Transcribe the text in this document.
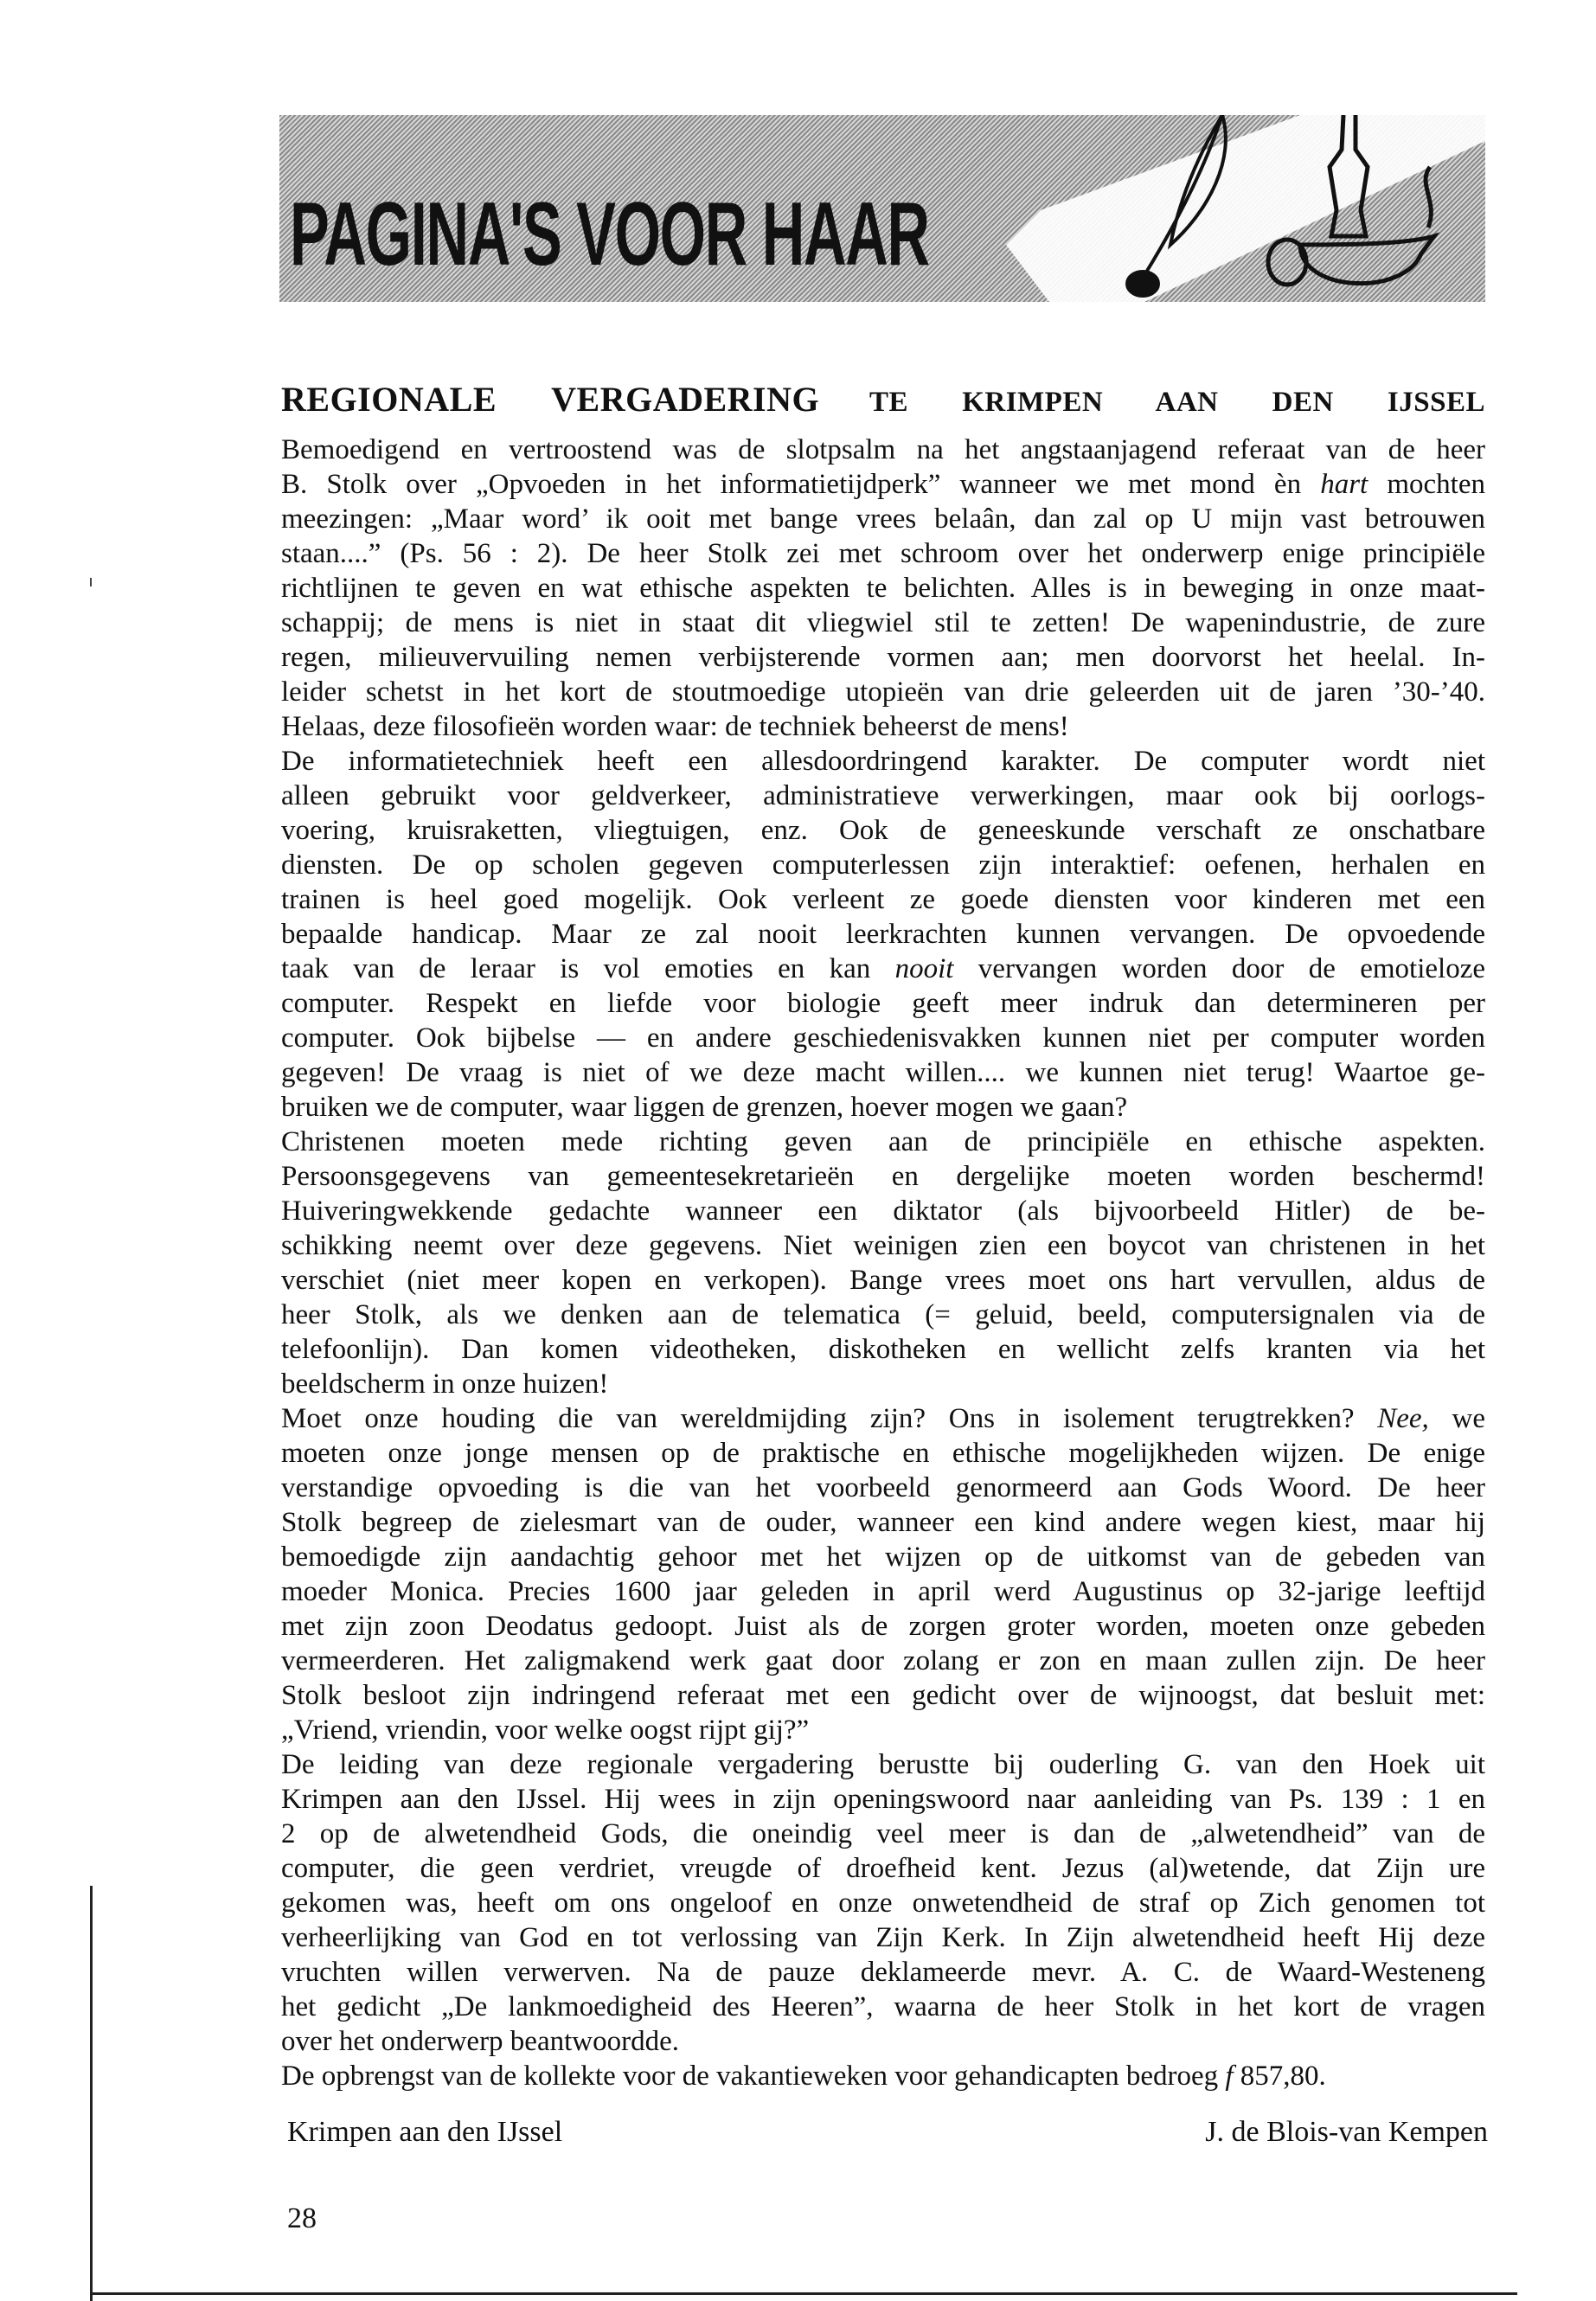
PAGINA'S VOOR HAAR
REGIONALE VERGADERING TE KRIMPEN AAN DEN IJSSEL
Bemoedigend en vertroostend was de slotpsalm na het angstaanjagend referaat van de heer
B. Stolk over „Opvoeden in het informatietijdperk” wanneer we met mond èn hart mochten
meezingen: „Maar word’ ik ooit met bange vrees belaân, dan zal op U mijn vast betrouwen
staan....” (Ps. 56 : 2). De heer Stolk zei met schroom over het onderwerp enige principiële
richtlijnen te geven en wat ethische aspekten te belichten. Alles is in beweging in onze maat-
schappij; de mens is niet in staat dit vliegwiel stil te zetten! De wapenindustrie, de zure
regen, milieuvervuiling nemen verbijsterende vormen aan; men doorvorst het heelal. In-
leider schetst in het kort de stoutmoedige utopieën van drie geleerden uit de jaren ’30-’40.
Helaas, deze filosofieën worden waar: de techniek beheerst de mens!
De informatietechniek heeft een allesdoordringend karakter. De computer wordt niet
alleen gebruikt voor geldverkeer, administratieve verwerkingen, maar ook bij oorlogs-
voering, kruisraketten, vliegtuigen, enz. Ook de geneeskunde verschaft ze onschatbare
diensten. De op scholen gegeven computerlessen zijn interaktief: oefenen, herhalen en
trainen is heel goed mogelijk. Ook verleent ze goede diensten voor kinderen met een
bepaalde handicap. Maar ze zal nooit leerkrachten kunnen vervangen. De opvoedende
taak van de leraar is vol emoties en kan nooit vervangen worden door de emotieloze
computer. Respekt en liefde voor biologie geeft meer indruk dan determineren per
computer. Ook bijbelse — en andere geschiedenisvakken kunnen niet per computer worden
gegeven! De vraag is niet of we deze macht willen.... we kunnen niet terug! Waartoe ge-
bruiken we de computer, waar liggen de grenzen, hoever mogen we gaan?
Christenen moeten mede richting geven aan de principiële en ethische aspekten.
Persoonsgegevens van gemeentesekretarieën en dergelijke moeten worden beschermd!
Huiveringwekkende gedachte wanneer een diktator (als bijvoorbeeld Hitler) de be-
schikking neemt over deze gegevens. Niet weinigen zien een boycot van christenen in het
verschiet (niet meer kopen en verkopen). Bange vrees moet ons hart vervullen, aldus de
heer Stolk, als we denken aan de telematica (= geluid, beeld, computersignalen via de
telefoonlijn). Dan komen videotheken, diskotheken en wellicht zelfs kranten via het
beeldscherm in onze huizen!
Moet onze houding die van wereldmijding zijn? Ons in isolement terugtrekken? Nee, we
moeten onze jonge mensen op de praktische en ethische mogelijkheden wijzen. De enige
verstandige opvoeding is die van het voorbeeld genormeerd aan Gods Woord. De heer
Stolk begreep de zielesmart van de ouder, wanneer een kind andere wegen kiest, maar hij
bemoedigde zijn aandachtig gehoor met het wijzen op de uitkomst van de gebeden van
moeder Monica. Precies 1600 jaar geleden in april werd Augustinus op 32-jarige leeftijd
met zijn zoon Deodatus gedoopt. Juist als de zorgen groter worden, moeten onze gebeden
vermeerderen. Het zaligmakend werk gaat door zolang er zon en maan zullen zijn. De heer
Stolk besloot zijn indringend referaat met een gedicht over de wijnoogst, dat besluit met:
„Vriend, vriendin, voor welke oogst rijpt gij?”
De leiding van deze regionale vergadering berustte bij ouderling G. van den Hoek uit
Krimpen aan den IJssel. Hij wees in zijn openingswoord naar aanleiding van Ps. 139 : 1 en
2 op de alwetendheid Gods, die oneindig veel meer is dan de „alwetendheid” van de
computer, die geen verdriet, vreugde of droefheid kent. Jezus (al)wetende, dat Zijn ure
gekomen was, heeft om ons ongeloof en onze onwetendheid de straf op Zich genomen tot
verheerlijking van God en tot verlossing van Zijn Kerk. In Zijn alwetendheid heeft Hij deze
vruchten willen verwerven. Na de pauze deklameerde mevr. A. C. de Waard-Westeneng
het gedicht „De lankmoedigheid des Heeren”, waarna de heer Stolk in het kort de vragen
over het onderwerp beantwoordde.
De opbrengst van de kollekte voor de vakantieweken voor gehandicapten bedroeg f 857,80.
Krimpen aan den IJssel	J. de Blois-van Kempen
28
